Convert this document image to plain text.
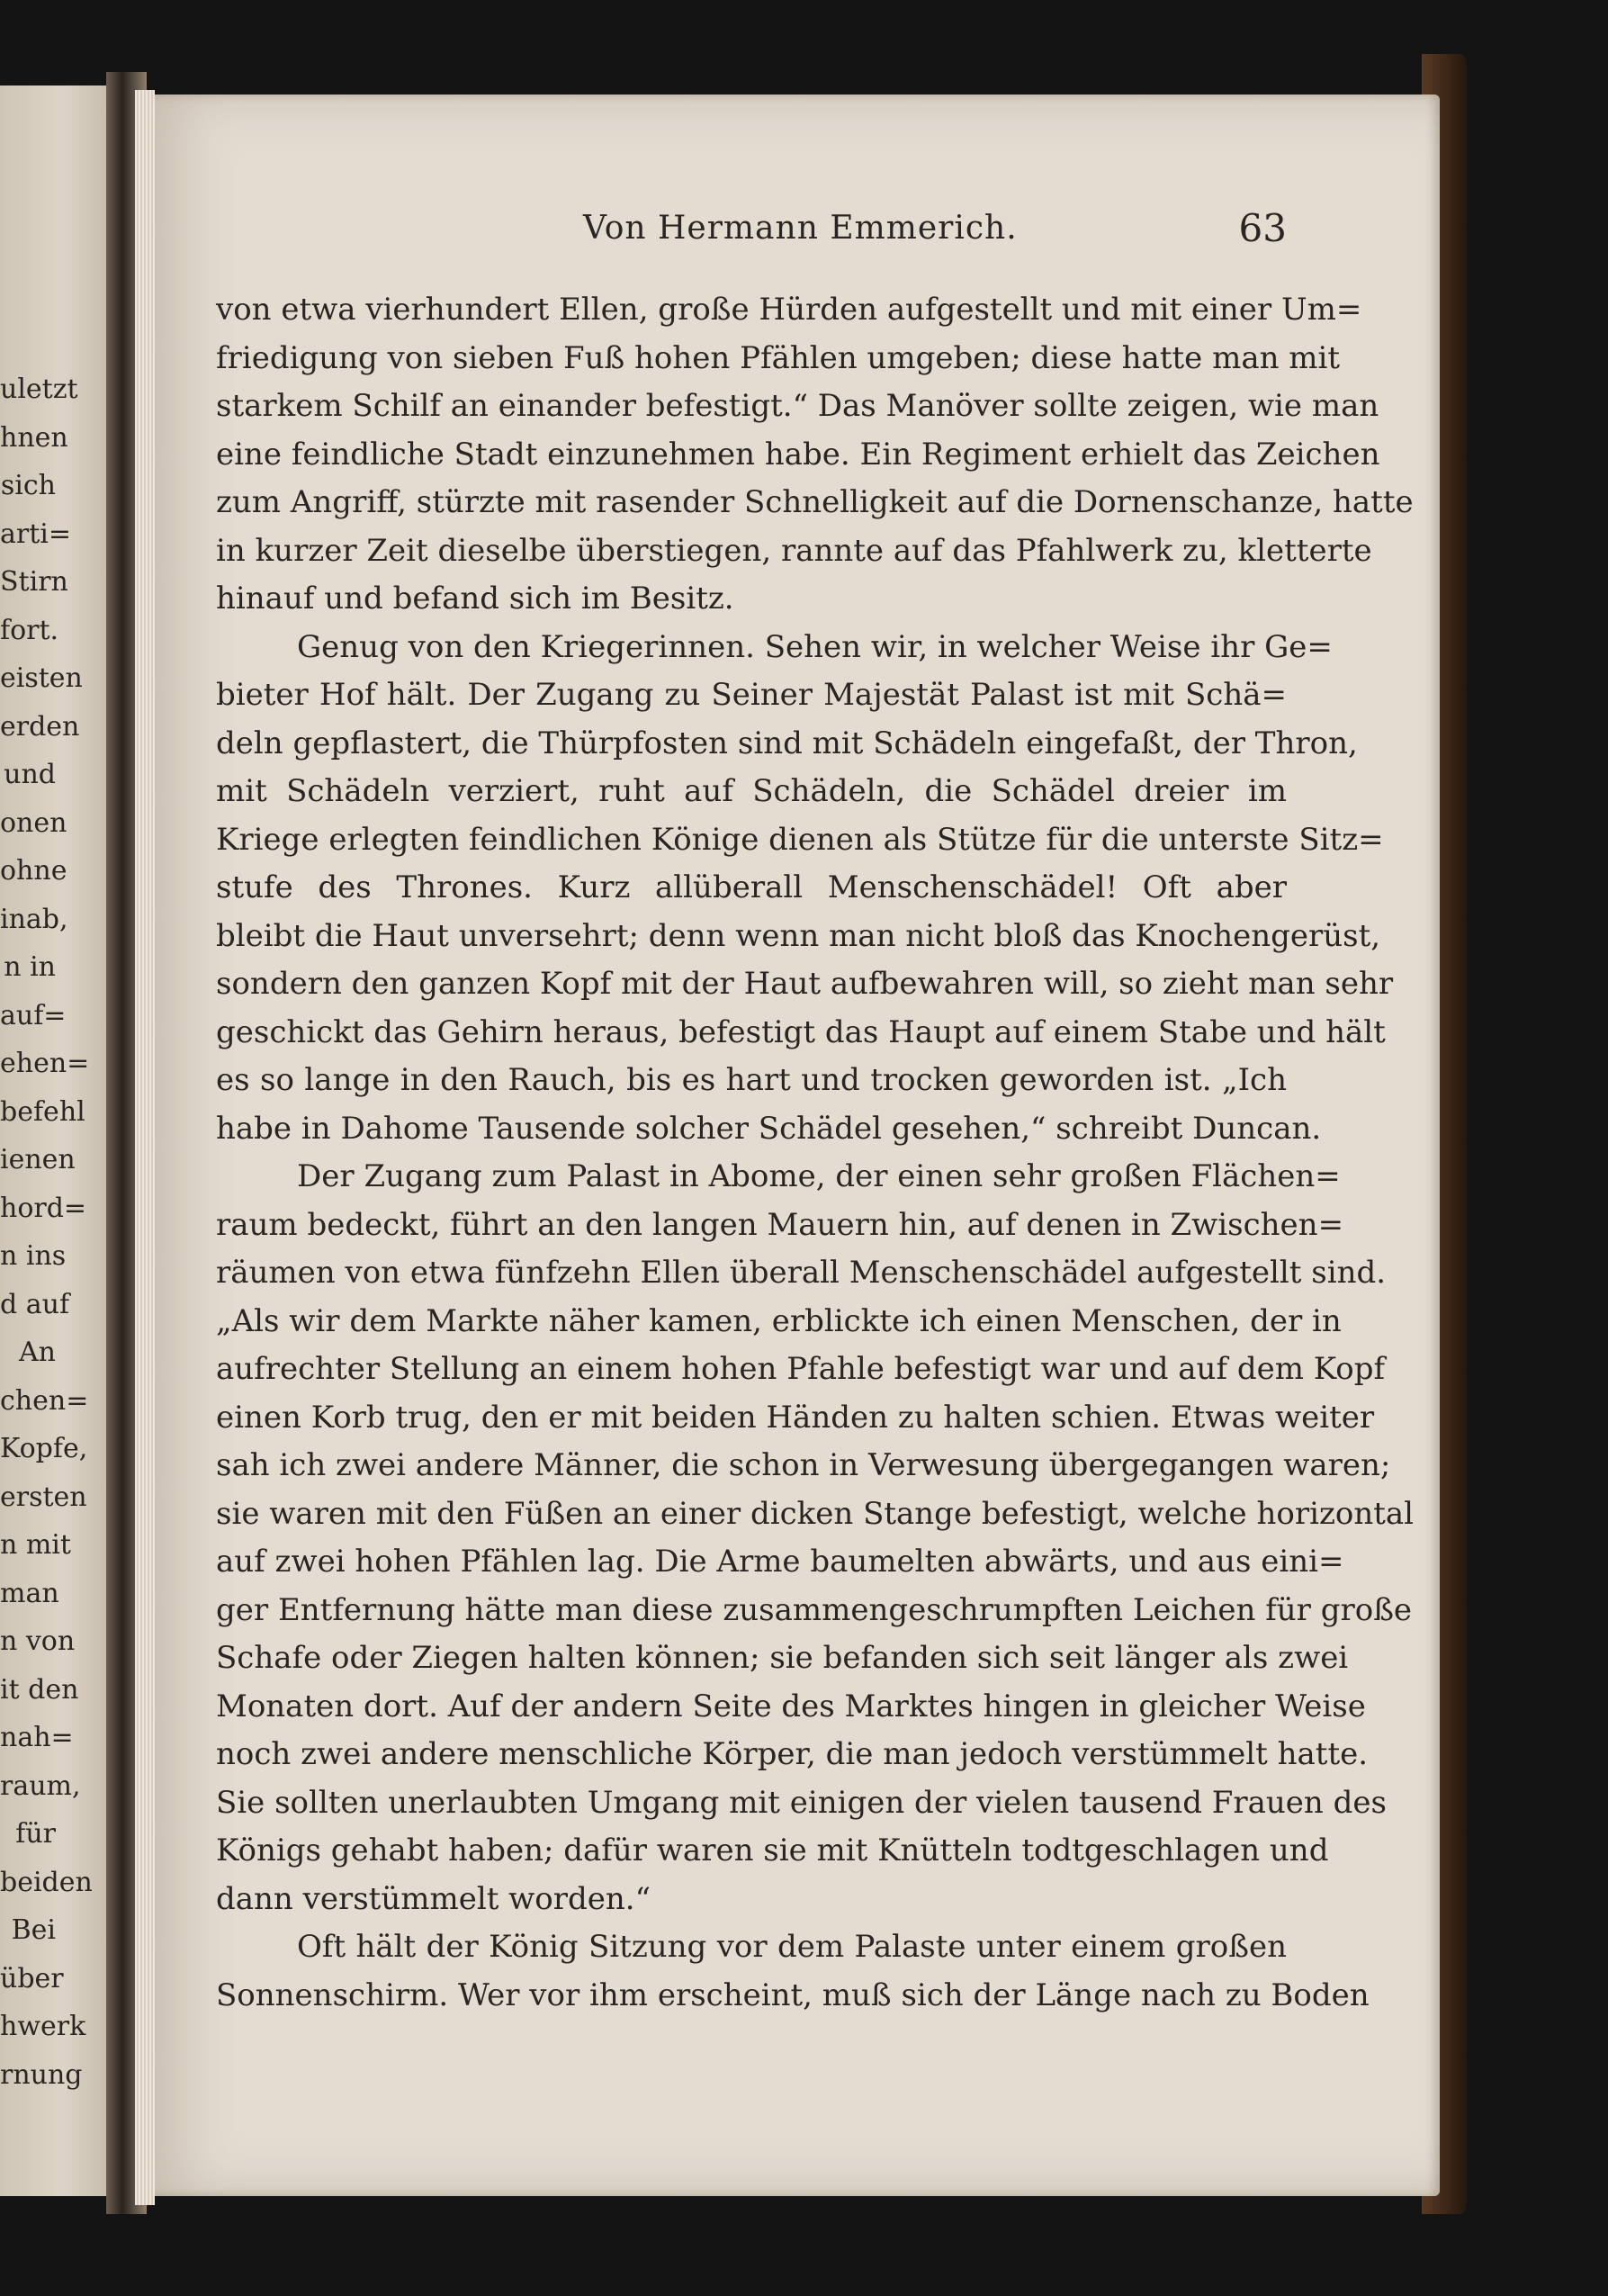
uletzt
hnen
sich
arti=
Stirn
fort.
eisten
erden
und
onen
ohne
inab,
n in
auf=
ehen=
befehl
ienen
hord=
n ins
d auf
An
chen=
Kopfe,
ersten
n mit
man
n von
it den
nah=
raum,
für
beiden
Bei
über
hwerk
rnung
Von Hermann Emmerich.	63
von etwa vierhundert Ellen, große Hürden aufgestellt und mit einer Um=
friedigung von sieben Fuß hohen Pfählen umgeben; diese hatte man mit
starkem Schilf an einander befestigt.“ Das Manöver sollte zeigen, wie man
eine feindliche Stadt einzunehmen habe. Ein Regiment erhielt das Zeichen
zum Angriff, stürzte mit rasender Schnelligkeit auf die Dornenschanze, hatte
in kurzer Zeit dieselbe überstiegen, rannte auf das Pfahlwerk zu, kletterte
hinauf und befand sich im Besitz.
Genug von den Kriegerinnen. Sehen wir, in welcher Weise ihr Ge=
bieter Hof hält. Der Zugang zu Seiner Majestät Palast ist mit Schä=
deln gepflastert, die Thürpfosten sind mit Schädeln eingefaßt, der Thron,
mit Schädeln verziert, ruht auf Schädeln, die Schädel dreier im
Kriege erlegten feindlichen Könige dienen als Stütze für die unterste Sitz=
stufe des Thrones. Kurz allüberall Menschenschädel! Oft aber
bleibt die Haut unversehrt; denn wenn man nicht bloß das Knochengerüst,
sondern den ganzen Kopf mit der Haut aufbewahren will, so zieht man sehr
geschickt das Gehirn heraus, befestigt das Haupt auf einem Stabe und hält
es so lange in den Rauch, bis es hart und trocken geworden ist. „Ich
habe in Dahome Tausende solcher Schädel gesehen,“ schreibt Duncan.
Der Zugang zum Palast in Abome, der einen sehr großen Flächen=
raum bedeckt, führt an den langen Mauern hin, auf denen in Zwischen=
räumen von etwa fünfzehn Ellen überall Menschenschädel aufgestellt sind.
„Als wir dem Markte näher kamen, erblickte ich einen Menschen, der in
aufrechter Stellung an einem hohen Pfahle befestigt war und auf dem Kopf
einen Korb trug, den er mit beiden Händen zu halten schien. Etwas weiter
sah ich zwei andere Männer, die schon in Verwesung übergegangen waren;
sie waren mit den Füßen an einer dicken Stange befestigt, welche horizontal
auf zwei hohen Pfählen lag. Die Arme baumelten abwärts, und aus eini=
ger Entfernung hätte man diese zusammengeschrumpften Leichen für große
Schafe oder Ziegen halten können; sie befanden sich seit länger als zwei
Monaten dort. Auf der andern Seite des Marktes hingen in gleicher Weise
noch zwei andere menschliche Körper, die man jedoch verstümmelt hatte.
Sie sollten unerlaubten Umgang mit einigen der vielen tausend Frauen des
Königs gehabt haben; dafür waren sie mit Knütteln todtgeschlagen und
dann verstümmelt worden.“
Oft hält der König Sitzung vor dem Palaste unter einem großen
Sonnenschirm. Wer vor ihm erscheint, muß sich der Länge nach zu Boden
